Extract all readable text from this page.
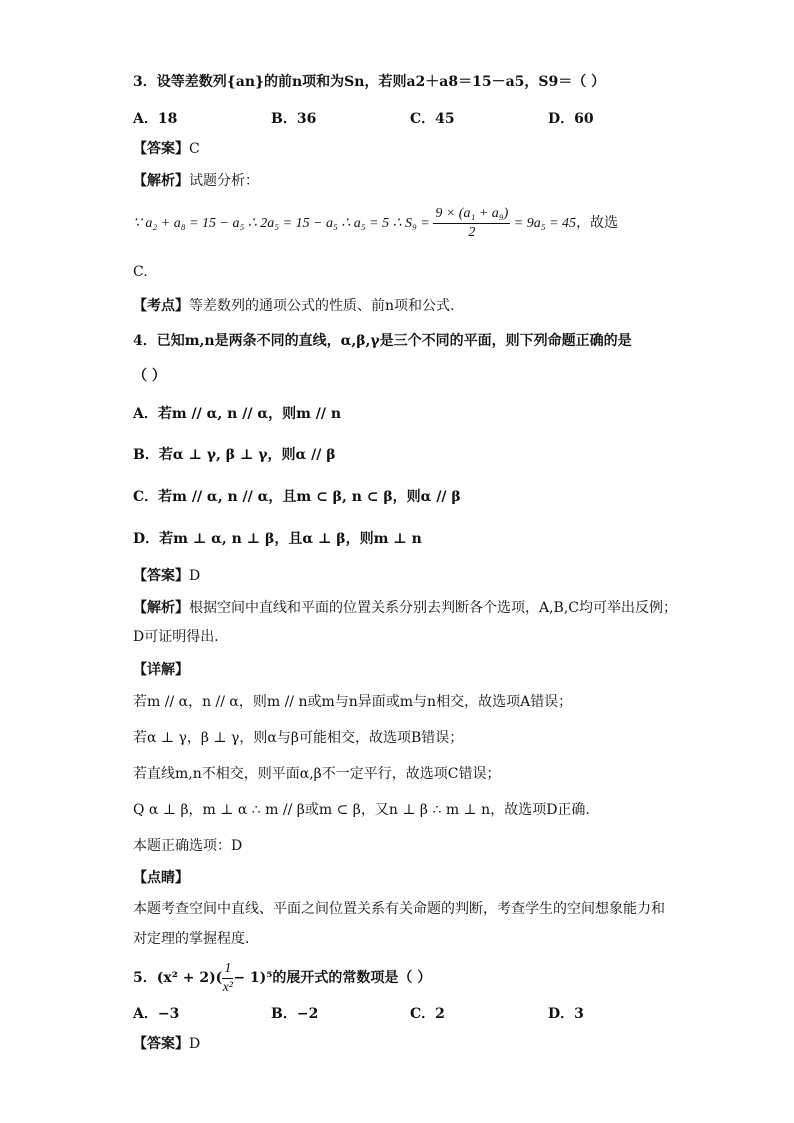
3．设等差数列{an}的前n项和为Sn，若则a2＋a8＝15－a5，S9＝（ ）
A．18	B．36	C．45	D．60
【答案】C
【解析】试题分析：
∵ a₂ + a₈ = 15 − a₅ ∴ 2a₅ = 15 − a₅ ∴ a₅ = 5 ∴ $S_9 = \frac{\text{9 × (a₁ + a₉)}}{2} = 9a_5 = 45$，故选
C.
【考点】等差数列的通项公式的性质、前n项和公式.
4．已知m,n是两条不同的直线，α,β,γ是三个不同的平面，则下列命题正确的是
（ ）
A．若m // α, n // α，则m // n
B．若α ⊥ γ, β ⊥ γ，则α // β
C．若m // α, n // α，且m ⊂ β, n ⊂ β，则α // β
D．若m ⊥ α, n ⊥ β，且α ⊥ β，则m ⊥ n
【答案】D
【解析】根据空间中直线和平面的位置关系分别去判断各个选项，A,B,C均可举出反例；
D可证明得出.
【详解】
若m // α，n // α，则m // n或m与n异面或m与n相交，故选项A错误；
若α ⊥ γ，β ⊥ γ，则α与β可能相交，故选项B错误；
若直线m,n不相交，则平面α,β不一定平行，故选项C错误；
Q α ⊥ β，m ⊥ α ∴ m // β或m ⊂ β，又n ⊥ β ∴ m ⊥ n，故选项D正确.
本题正确选项：D
【点睛】
本题考查空间中直线、平面之间位置关系有关命题的判断，考查学生的空间想象能力和
对定理的掌握程度.
5．$(x^2 + 2)( \frac{1}{\text{x²}} - 1)^5$的展开式的常数项是（ ）
A．−3	B．−2	C．2	D．3
【答案】D
